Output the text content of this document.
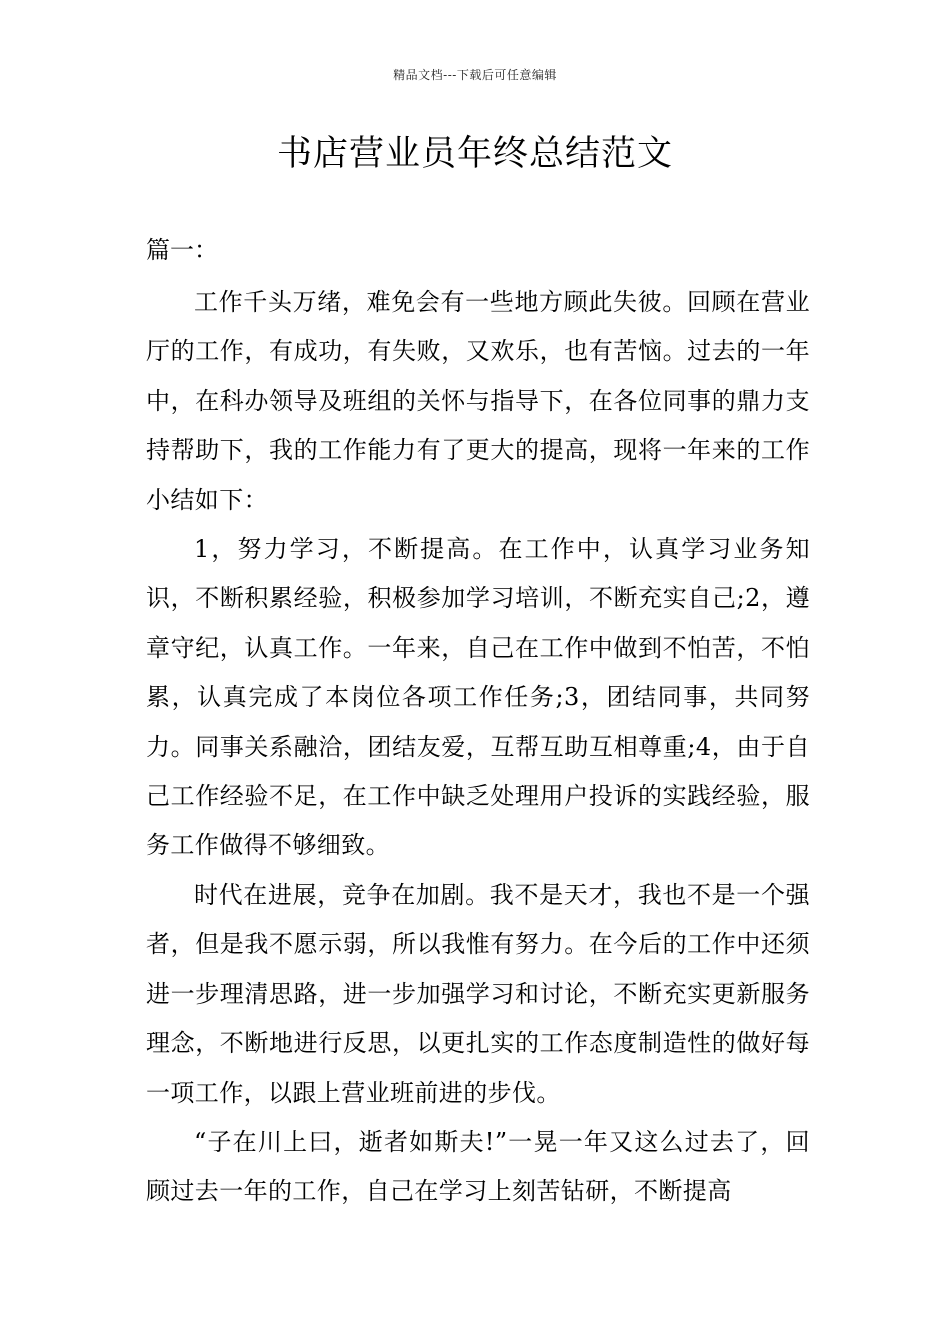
精品文档---下载后可任意编辑
书店营业员年终总结范文
篇一：

工作千头万绪，难免会有一些地方顾此失彼。回顾在营业厅的工作，有成功，有失败，又欢乐，也有苦恼。过去的一年中，在科办领导及班组的关怀与指导下，在各位同事的鼎力支持帮助下，我的工作能力有了更大的提高，现将一年来的工作小结如下：

1，努力学习，不断提高。在工作中，认真学习业务知识，不断积累经验，积极参加学习培训，不断充实自己;2，遵章守纪，认真工作。一年来，自己在工作中做到不怕苦，不怕累，认真完成了本岗位各项工作任务;3，团结同事，共同努力。同事关系融洽，团结友爱，互帮互助互相尊重;4，由于自己工作经验不足，在工作中缺乏处理用户投诉的实践经验，服务工作做得不够细致。

时代在进展，竞争在加剧。我不是天才，我也不是一个强者，但是我不愿示弱，所以我惟有努力。在今后的工作中还须进一步理清思路，进一步加强学习和讨论，不断充实更新服务理念，不断地进行反思，以更扎实的工作态度制造性的做好每一项工作，以跟上营业班前进的步伐。

“子在川上曰，逝者如斯夫!”一晃一年又这么过去了，回顾过去一年的工作，自己在学习上刻苦钻研，不断提高
